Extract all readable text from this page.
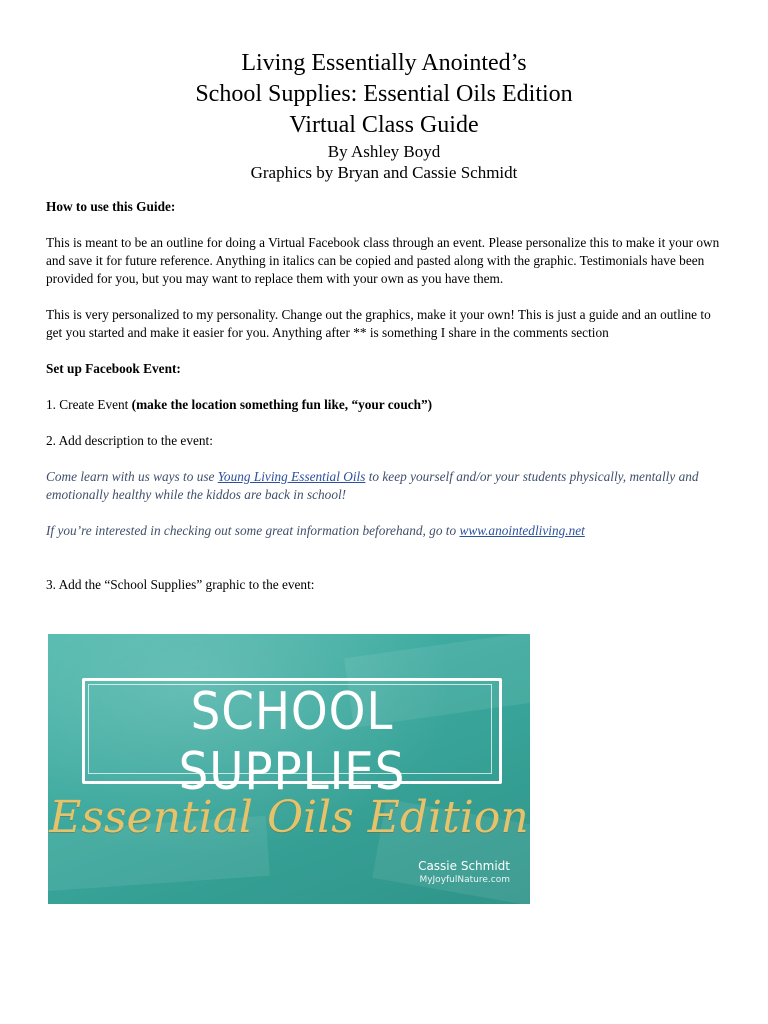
Living Essentially Anointed’s
School Supplies: Essential Oils Edition
Virtual Class Guide
By Ashley Boyd
Graphics by Bryan and Cassie Schmidt

How to use this Guide:

This is meant to be an outline for doing a Virtual Facebook class through an event. Please personalize this to make it your own and save it for future reference. Anything in italics can be copied and pasted along with the graphic. Testimonials have been provided for you, but you may want to replace them with your own as you have them.

This is very personalized to my personality. Change out the graphics, make it your own! This is just a guide and an outline to get you started and make it easier for you. Anything after ** is something I share in the comments section

Set up Facebook Event:

1. Create Event (make the location something fun like, “your couch”)

2. Add description to the event:

Come learn with us ways to use Young Living Essential Oils to keep yourself and/or your students physically, mentally and emotionally healthy while the kiddos are back in school!

If you’re interested in checking out some great information beforehand, go to www.anointedliving.net

3. Add the “School Supplies” graphic to the event:

SCHOOL SUPPLIES
Essential Oils Edition
Cassie Schmidt
MyJoyfulNature.com
